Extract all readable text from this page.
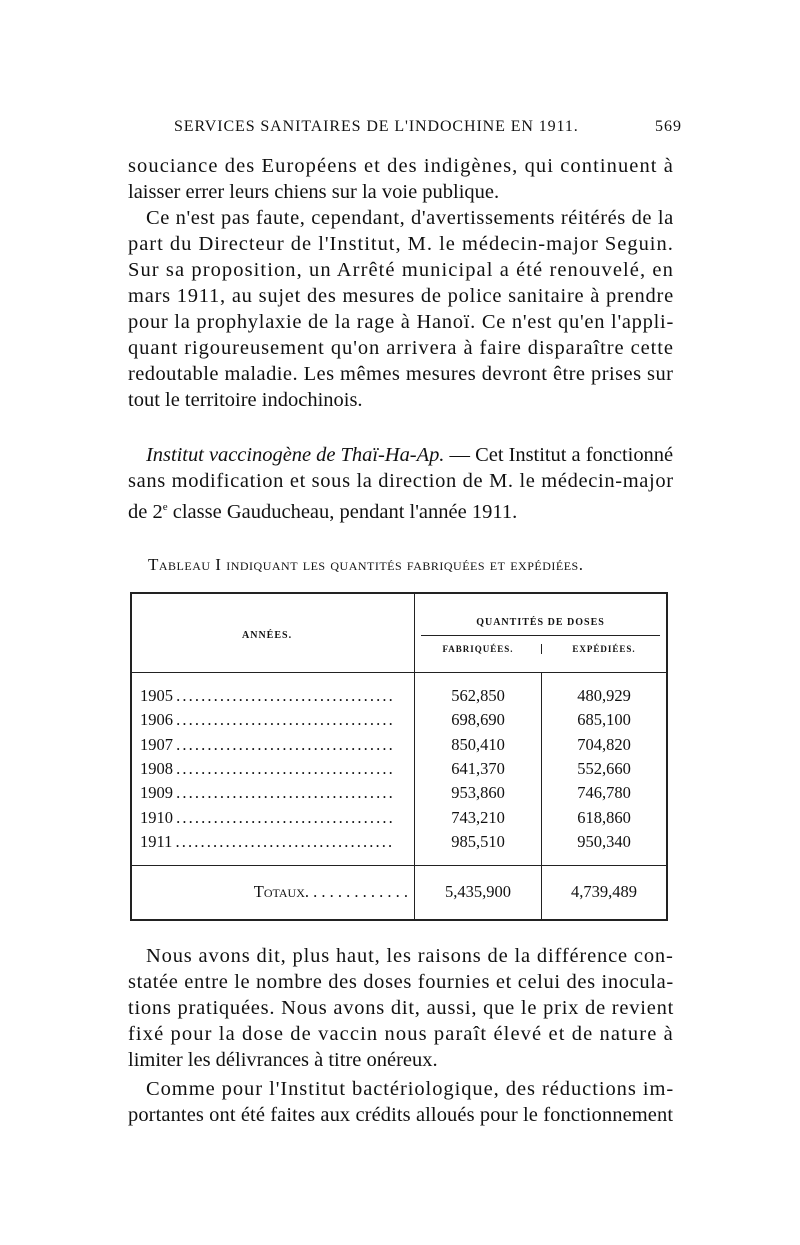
SERVICES SANITAIRES DE L'INDOCHINE EN 1911.	569
souciance des Européens et des indigènes, qui continuent à
laisser errer leurs chiens sur la voie publique.
Ce n'est pas faute, cependant, d'avertissements réitérés de la
part du Directeur de l'Institut, M. le médecin-major Seguin.
Sur sa proposition, un Arrêté municipal a été renouvelé, en
mars 1911, au sujet des mesures de police sanitaire à prendre
pour la prophylaxie de la rage à Hanoï. Ce n'est qu'en l'appli-
quant rigoureusement qu'on arrivera à faire disparaître cette
redoutable maladie. Les mêmes mesures devront être prises sur
tout le territoire indochinois.
Institut vaccinogène de Thaï-Ha-Ap. — Cet Institut a fonctionné
sans modification et sous la direction de M. le médecin-major
de 2e classe Gauducheau, pendant l'année 1911.
Tableau I indiquant les quantités fabriquées et expédiées.
ANNÉES.	QUANTITÉS DE DOSES
FABRIQUÉES. EXPÉDIÉES.	

1905 . . .	562,850	480,929
1906 . . .	698,690	685,100
1907 . . .	850,410	704,820
1908 . . .	641,370	552,660
1909 . . .	953,860	746,780
1910 . . .	743,210	618,860
1911 . . .	985,510	950,340
Totaux. . . . . . . . . . . . .	5,435,900	4,739,489
Nous avons dit, plus haut, les raisons de la différence con-
statée entre le nombre des doses fournies et celui des inocula-
tions pratiquées. Nous avons dit, aussi, que le prix de revient
fixé pour la dose de vaccin nous paraît élevé et de nature à
limiter les délivrances à titre onéreux.
Comme pour l'Institut bactériologique, des réductions im-
portantes ont été faites aux crédits alloués pour le fonctionnement
